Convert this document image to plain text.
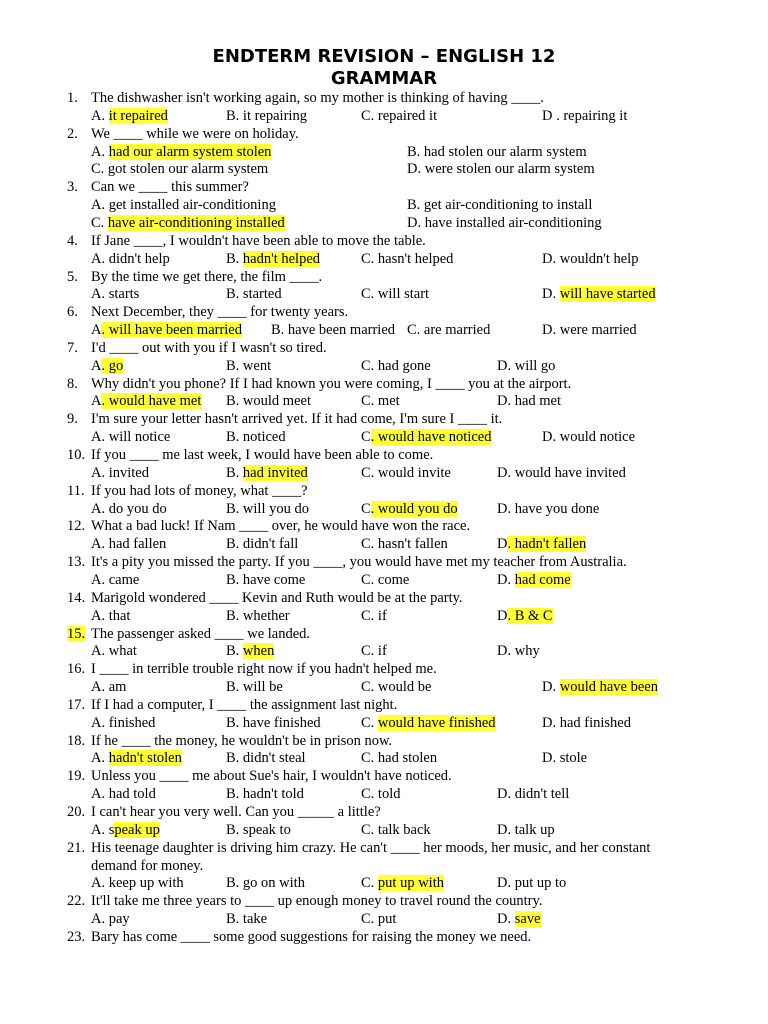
ENDTERM REVISION – ENGLISH 12
GRAMMAR
1. The dishwasher isn't working again, so my mother is thinking of having ____.
A. it repaired	B. it repairing	C. repaired it	D . repairing it
2. We ____ while we were on holiday.
A. had our alarm system stolen	B. had stolen our alarm system
C. got stolen our alarm system	D. were stolen our alarm system
3. Can we ____ this summer?
A. get installed air-conditioning	B. get air-conditioning to install
C. have air-conditioning installed	D. have installed air-conditioning
4. If Jane ____, I wouldn't have been able to move the table.
A. didn't help	B. hadn't helped	C. hasn't helped	D. wouldn't help
5. By the time we get there, the film ____.
A. starts	B. started	C. will start	D. will have started
6. Next December, they ____ for twenty years.
A. will have been married B. have been married C. are married	D. were married
7. I'd ____ out with you if I wasn't so tired.
A. go	B. went	C. had gone	D. will go
8. Why didn't you phone? If I had known you were coming, I ____ you at the airport.
A. would have met B. would meet	C. met	D. had met
9. I'm sure your letter hasn't arrived yet. If it had come, I'm sure I ____ it.
A. will notice	B. noticed	C. would have noticed	D. would notice
10. If you ____ me last week, I would have been able to come.
A. invited	B. had invited	C. would invite	D. would have invited
11. If you had lots of money, what ____?
A. do you do	B. will you do	C. would you do	D. have you done
12. What a bad luck! If Nam ____ over, he would have won the race.
A. had fallen	B. didn't fall	C. hasn't fallen	D. hadn't fallen
13. It's a pity you missed the party. If you ____, you would have met my teacher from Australia.
A. came	B. have come	C. come	D. had come
14. Marigold wondered ____ Kevin and Ruth would be at the party.
A. that	B. whether	C. if	D. B & C
15. The passenger asked ____ we landed.
A. what	B. when	C. if	D. why
16. I ____ in terrible trouble right now if you hadn't helped me.
A. am	B. will be	C. would be	D. would have been
17. If I had a computer, I ____ the assignment last night.
A. finished	B. have finished	C. would have finished	D. had finished
18. If he ____ the money, he wouldn't be in prison now.
A. hadn't stolen	B. didn't steal	C. had stolen	D. stole
19. Unless you ____ me about Sue's hair, I wouldn't have noticed.
A. had told	B. hadn't told	C. told	D. didn't tell
20. I can't hear you very well. Can you _____ a little?
A. speak up	B. speak to	C. talk back	D. talk up
21. His teenage daughter is driving him crazy. He can't ____ her moods, her music, and her constant
demand for money.
A. keep up with	B. go on with	C. put up with	D. put up to
22. It'll take me three years to ____ up enough money to travel round the country.
A. pay	B. take	C. put	D. save
23. Bary has come ____ some good suggestions for raising the money we need.
